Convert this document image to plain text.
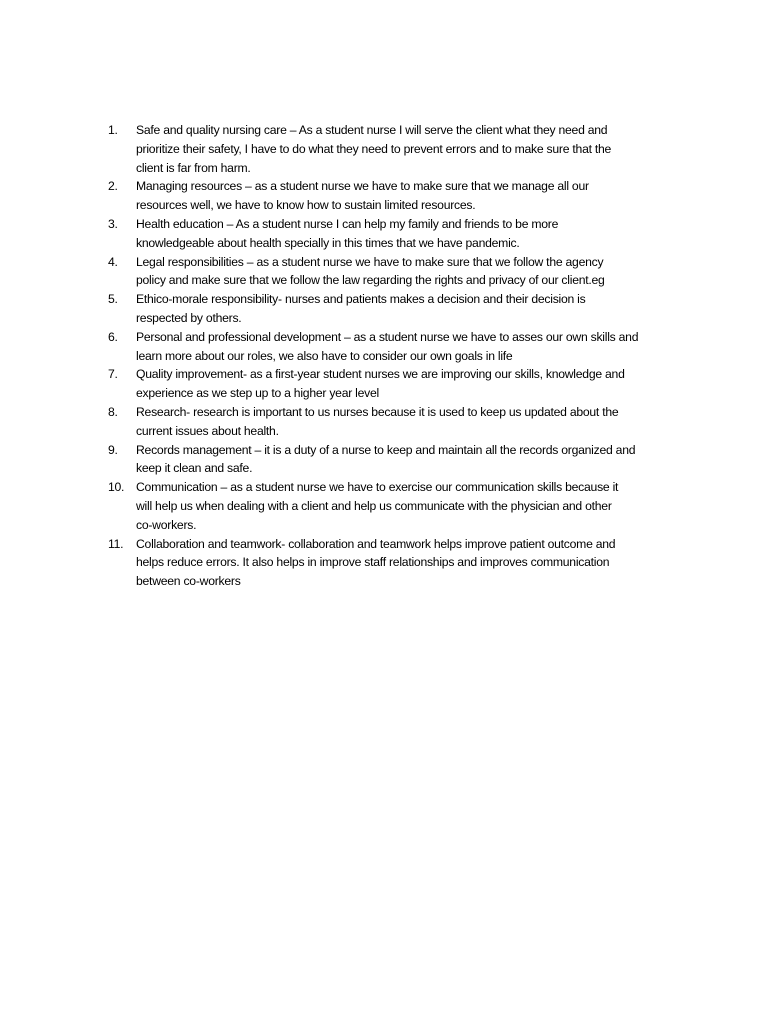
1.	Safe and quality nursing care – As a student nurse I will serve the client what they need and
prioritize their safety, I have to do what they need to prevent errors and to make sure that the
client is far from harm.
2.	Managing resources – as a student nurse we have to make sure that we manage all our
resources well, we have to know how to sustain limited resources.
3.	Health education – As a student nurse I can help my family and friends to be more
knowledgeable about health specially in this times that we have pandemic.
4.	Legal responsibilities – as a student nurse we have to make sure that we follow the agency
policy and make sure that we follow the law regarding the rights and privacy of our client.eg
5.	Ethico-morale responsibility- nurses and patients makes a decision and their decision is
respected by others.
6.	Personal and professional development – as a student nurse we have to asses our own skills and
learn more about our roles, we also have to consider our own goals in life
7.	Quality improvement- as a first-year student nurses we are improving our skills, knowledge and
experience as we step up to a higher year level
8.	Research- research is important to us nurses because it is used to keep us updated about the
current issues about health.
9.	Records management – it is a duty of a nurse to keep and maintain all the records organized and
keep it clean and safe.
10. Communication – as a student nurse we have to exercise our communication skills because it
will help us when dealing with a client and help us communicate with the physician and other
co-workers.
11.	Collaboration and teamwork- collaboration and teamwork helps improve patient outcome and
helps reduce errors. It also helps in improve staff relationships and improves communication
between co-workers
